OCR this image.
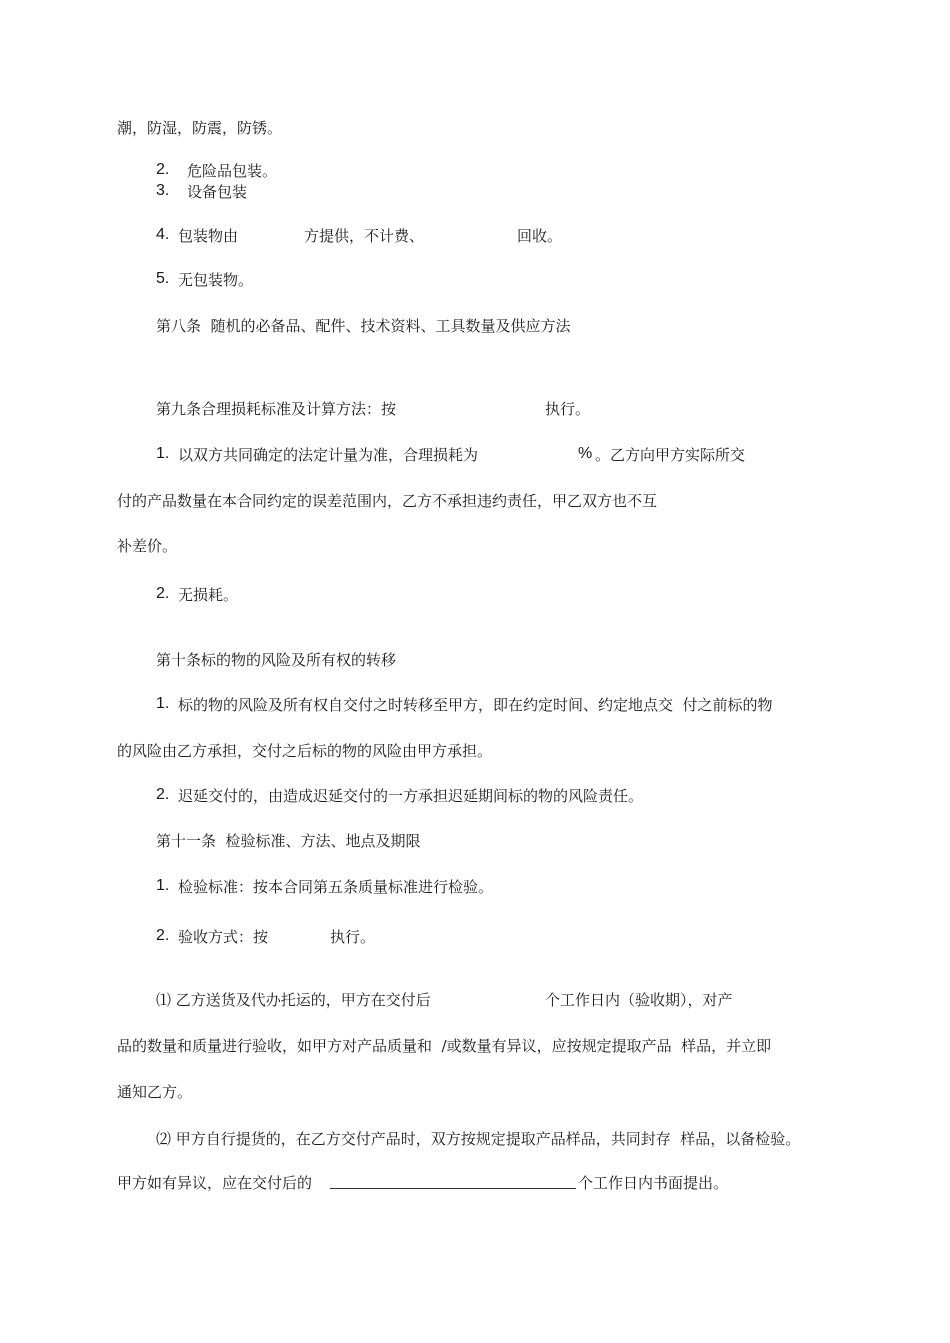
潮，防湿，防震，防锈。
2. 危险品包装。
3. 设备包装
4. 包装物由	方提供，不计费、	回收。
5. 无包装物。
第八条  随机的必备品、配件、技术资料、工具数量及供应方法
第九条合理损耗标准及计算方法：按	执行。
1. 以双方共同确定的法定计量为准，合理损耗为	% 。乙方向甲方实际所交
付的产品数量在本合同约定的误差范围内，乙方不承担违约责任，甲乙双方也不互
补差价。
2. 无损耗。
第十条标的物的风险及所有权的转移
1. 标的物的风险及所有权自交付之时转移至甲方，即在约定时间、约定地点交  付之前标的物
的风险由乙方承担，交付之后标的物的风险由甲方承担。
2. 迟延交付的，由造成迟延交付的一方承担迟延期间标的物的风险责任。
第十一条  检验标准、方法、地点及期限
1. 检验标准：按本合同第五条质量标准进行检验。
2. 验收方式：按	执行。
⑴ 乙方送货及代办托运的，甲方在交付后	个工作日内（验收期），对产
品的数量和质量进行验收，如甲方对产品质量和  /或数量有异议，应按规定提取产品  样品，并立即
通知乙方。
⑵ 甲方自行提货的，在乙方交付产品时，双方按规定提取产品样品，共同封存  样品，以备检验。
甲方如有异议，应在交付后的	个工作日内书面提出。
